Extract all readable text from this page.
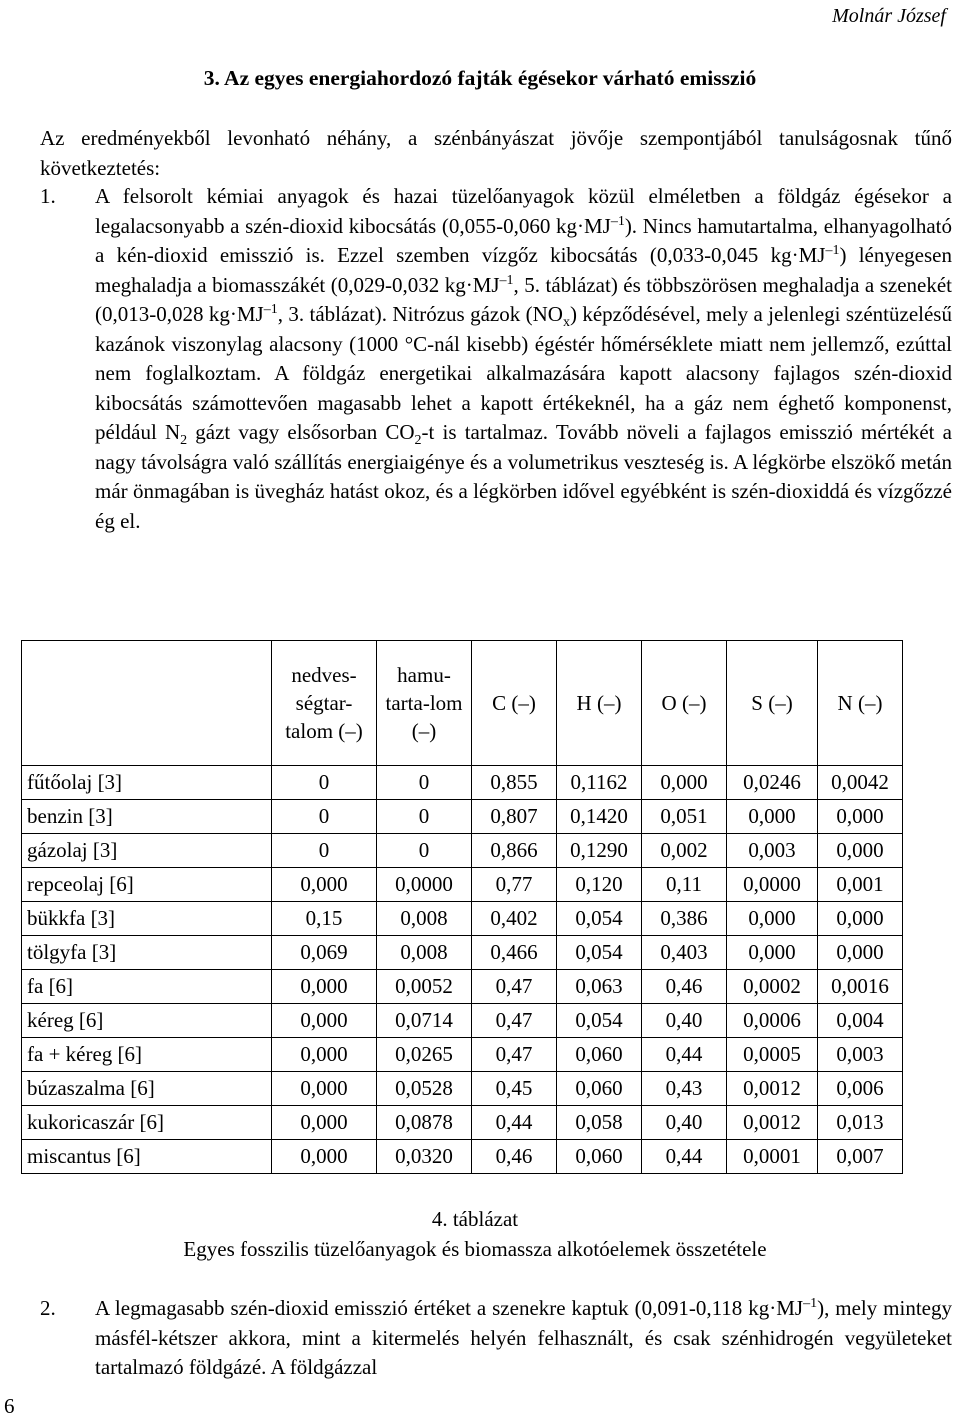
Molnár József
3. Az egyes energiahordozó fajták égésekor várható emisszió
Az eredményekből levonható néhány, a szénbányászat jövője szempontjából tanulságosnak tűnő következtetés:
1.	A felsorolt kémiai anyagok és hazai tüzelőanyagok közül elméletben a földgáz égésekor a legalacsonyabb a szén-dioxid kibocsátás (0,055-0,060 $kg\cdot MJ^{-1}$). Nincs hamutartalma, elhanyagolható a kén-dioxid emisszió is. Ezzel szemben vízgőz kibocsátás (0,033-0,045 $kg\cdot MJ^{-1}$) lényegesen meghaladja a biomasszákét (0,029-0,032 $kg\cdot MJ^{-1}$, 5. táblázat) és többszörösen meghaladja a szenekét (0,013-0,028 $kg\cdot MJ^{-1}$, 3. táblázat). Nitrózus gázok $(NO_x)$ képződésével, mely a jelenlegi széntüzelésű kazánok viszonylag alacsony (1000 °C-nál kisebb) égéstér hőmérséklete miatt nem jellemző, ezúttal nem foglalkoztam. A földgáz energetikai alkalmazására kapott alacsony fajlagos szén-dioxid kibocsátás számottevően magasabb lehet a kapott értékeknél, ha a gáz nem éghető komponenst, például $N_2$ gázt vagy elsősorban $CO_2-t$ is tartalmaz. Tovább növeli a fajlagos emisszió mértékét a nagy távolságra való szállítás energiaigénye és a volumetrikus veszteség is. A légkörbe elszökő metán már önmagában is üvegház hatást okoz, és a légkörben idővel egyébként is szén-dioxiddá és vízgőzzé ég el.
	nedves-ségtar-talom (–)	hamu-tarta-lom (–)	C (–)	H (–)	O (–)	S (–)	N (–)
fűtőolaj [3]	0	0	0,855	0,1162	0,000	0,0246	0,0042
benzin [3]	0	0	0,807	0,1420	0,051	0,000	0,000
gázolaj [3]	0	0	0,866	0,1290	0,002	0,003	0,000
repceolaj [6]	0,000	0,0000	0,77	0,120	0,11	0,0000	0,001
bükkfa [3]	0,15	0,008	0,402	0,054	0,386	0,000	0,000
tölgyfa [3]	0,069	0,008	0,466	0,054	0,403	0,000	0,000
fa [6]	0,000	0,0052	0,47	0,063	0,46	0,0002	0,0016
kéreg [6]	0,000	0,0714	0,47	0,054	0,40	0,0006	0,004
fa + kéreg [6]	0,000	0,0265	0,47	0,060	0,44	0,0005	0,003
búzaszalma [6]	0,000	0,0528	0,45	0,060	0,43	0,0012	0,006
kukoricaszár [6]	0,000	0,0878	0,44	0,058	0,40	0,0012	0,013
miscantus [6]	0,000	0,0320	0,46	0,060	0,44	0,0001	0,007
4. táblázat
Egyes fosszilis tüzelőanyagok és biomassza alkotóelemek összetétele
2.	A legmagasabb szén-dioxid emisszió értéket a szenekre kaptuk (0,091-0,118 $kg\cdot MJ^{-1}$), mely mintegy másfél-kétszer akkora, mint a kitermelés helyén felhasznált, és csak szénhidrogén vegyületeket tartalmazó földgázé. A földgázzal
6
